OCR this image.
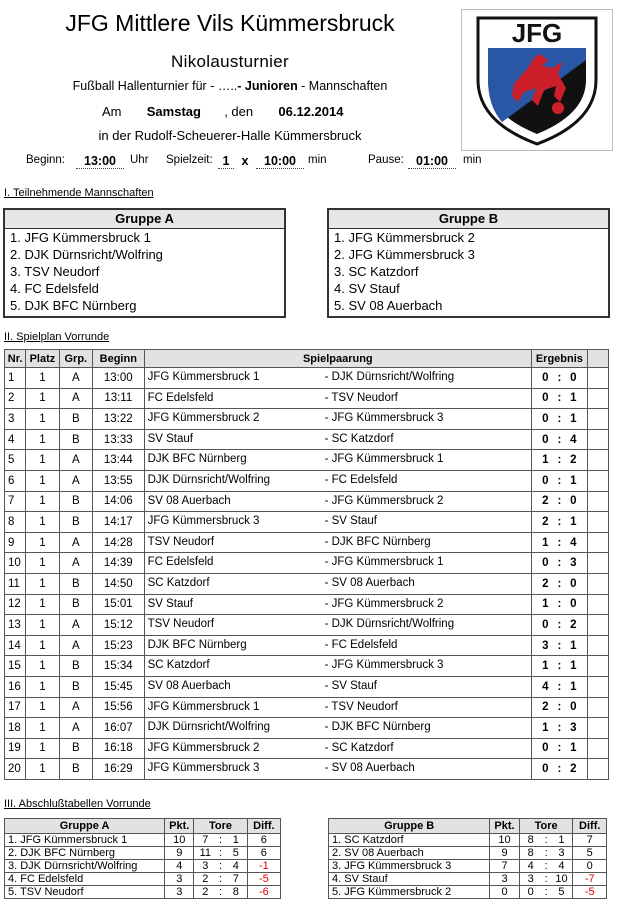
JFG Mittlere Vils Kümmersbruck
Nikolausturnier
Fußball Hallenturnier für - …..- Junioren - Mannschaften
Am Samstag , den 06.12.2014
in der Rudolf-Scheuerer-Halle Kümmersbruck
Beginn:	13:00	Uhr Spielzeit: 1 x	10:00	min	Pause: 01:00	min
JFG
I. Teilnehmende Mannschaften
Gruppe A
1. JFG Kümmersbruck 1
2. DJK Dürnsricht/Wolfring
3. TSV Neudorf
4. FC Edelsfeld
5. DJK BFC Nürnberg
Gruppe B
1. JFG Kümmersbruck 2
2. JFG Kümmersbruck 3
3. SC Katzdorf
4. SV Stauf
5. SV 08 Auerbach
II. Spielplan Vorrunde
Nr.	Platz	Grp.	Beginn	Spielpaarung	Ergebnis	
1	1	A	13:00	JFG Kümmersbruck 1 - DJK Dürnsricht/Wolfring	0 : 0	
2	1	A	13:11	FC Edelsfeld - TSV Neudorf	0 : 1	
3	1	B	13:22	JFG Kümmersbruck 2 - JFG Kümmersbruck 3	0 : 1	
4	1	B	13:33	SV Stauf - SC Katzdorf	0 : 4	
5	1	A	13:44	DJK BFC Nürnberg - JFG Kümmersbruck 1	1 : 2	
6	1	A	13:55	DJK Dürnsricht/Wolfring - FC Edelsfeld	0 : 1	
7	1	B	14:06	SV 08 Auerbach - JFG Kümmersbruck 2	2 : 0	
8	1	B	14:17	JFG Kümmersbruck 3 - SV Stauf	2 : 1	
9	1	A	14:28	TSV Neudorf - DJK BFC Nürnberg	1 : 4	
10	1	A	14:39	FC Edelsfeld - JFG Kümmersbruck 1	0 : 3	
11	1	B	14:50	SC Katzdorf - SV 08 Auerbach	2 : 0	
12	1	B	15:01	SV Stauf - JFG Kümmersbruck 2	1 : 0	
13	1	A	15:12	TSV Neudorf - DJK Dürnsricht/Wolfring	0 : 2	
14	1	A	15:23	DJK BFC Nürnberg - FC Edelsfeld	3 : 1	
15	1	B	15:34	SC Katzdorf - JFG Kümmersbruck 3	1 : 1	
16	1	B	15:45	SV 08 Auerbach - SV Stauf	4 : 1	
17	1	A	15:56	JFG Kümmersbruck 1 - TSV Neudorf	2 : 0	
18	1	A	16:07	DJK Dürnsricht/Wolfring - DJK BFC Nürnberg	1 : 3	
19	1	B	16:18	JFG Kümmersbruck 2 - SC Katzdorf	0 : 1	
20	1	B	16:29	JFG Kümmersbruck 3 - SV 08 Auerbach	0 : 2	
III. Abschlußtabellen Vorrunde
Gruppe A	Pkt.	Tore			Diff.
1. JFG Kümmersbruck 1	10	7	:	1	6
2. DJK BFC Nürnberg	9	11	:	5	6
3. DJK Dürnsricht/Wolfring	4	3	:	4	-1
4. FC Edelsfeld	3	2	:	7	-5
5. TSV Neudorf	3	2	:	8	-6
Gruppe B	Pkt.	Tore			Diff.
1. SC Katzdorf	10	8	:	1	7
2. SV 08 Auerbach	9	8	:	3	5
3. JFG Kümmersbruck 3	7	4	:	4	0
4. SV Stauf	3	3	:	10	-7
5. JFG Kümmersbruck 2	0	0	:	5	-5
